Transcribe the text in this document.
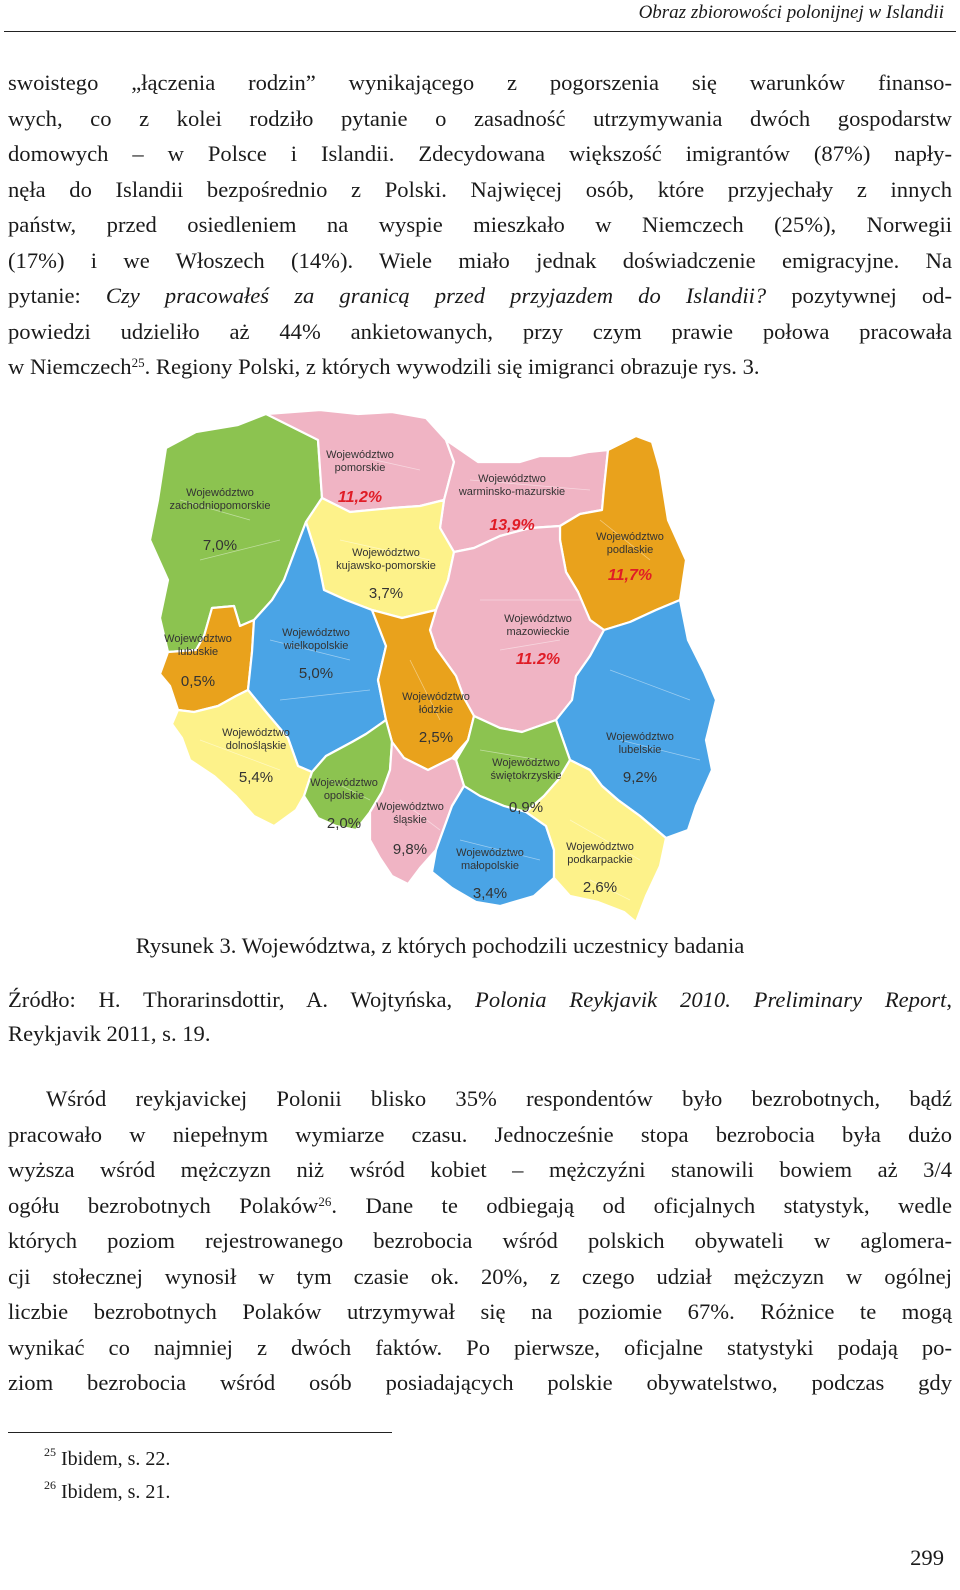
Obraz zbiorowości polonijnej w Islandii
swoistego „łączenia rodzin” wynikającego z pogorszenia się warunków finanso-
wych, co z kolei rodziło pytanie o zasadność utrzymywania dwóch gospodarstw
domowych – w Polsce i Islandii. Zdecydowana większość imigrantów (87%) napły-
nęła do Islandii bezpośrednio z Polski. Najwięcej osób, które przyjechały z innych
państw, przed osiedleniem na wyspie mieszkało w Niemczech (25%), Norwegii
(17%) i we Włoszech (14%). Wiele miało jednak doświadczenie emigracyjne. Na
pytanie: Czy pracowałeś za granicą przed przyjazdem do Islandii? pozytywnej od-
powiedzi udzieliło aż 44% ankietowanych, przy czym prawie połowa pracowała
w Niemczech$^{25}$. Regiony Polski, z których wywodzili się imigranci obrazuje rys. 3.
Województwo
zachodniopomorskie
7,0%
Województwo
pomorskie
11,2%
Województwo
warminsko-mazurskie
13,9%
Województwo
podlaskie
11,7%
Województwo
kujawsko-pomorskie
3,7%
Województwo
lubuskie
0,5%
Województwo
wielkopolskie
5,0%
Województwo
mazowieckie
11.2%
Województwo
łódzkie
2,5%
Województwo
dolnośląskie
5,4%
Województwo
lubelskie
9,2%
Województwo
opolskie
2,0%
Województwo
śląskie
9,8%
Województwo
świętokrzyskie
0,9%
Województwo
małopolskie
3,4%
Województwo
podkarpackie
2,6%
Rysunek 3. Województwa, z których pochodzili uczestnicy badania
Źródło: H. Thorarinsdottir, A. Wojtyńska, Polonia Reykjavik 2010. Preliminary Report,
Reykjavik 2011, s. 19.
Wśród reykjavickej Polonii blisko 35% respondentów było bezrobotnych, bądź
pracowało w niepełnym wymiarze czasu. Jednocześnie stopa bezrobocia była dużo
wyższa wśród mężczyzn niż wśród kobiet – mężczyźni stanowili bowiem aż 3/4
ogółu bezrobotnych Polaków$^{26}$. Dane te odbiegają od oficjalnych statystyk, wedle
których poziom rejestrowanego bezrobocia wśród polskich obywateli w aglomera-
cji stołecznej wynosił w tym czasie ok. 20%, z czego udział mężczyzn w ogólnej
liczbie bezrobotnych Polaków utrzymywał się na poziomie 67%. Różnice te mogą
wynikać co najmniej z dwóch faktów. Po pierwsze, oficjalne statystyki podają po-
ziom bezrobocia wśród osób posiadających polskie obywatelstwo, podczas gdy
$^{25}$ Ibidem, s. 22.
$^{26}$ Ibidem, s. 21.
299
